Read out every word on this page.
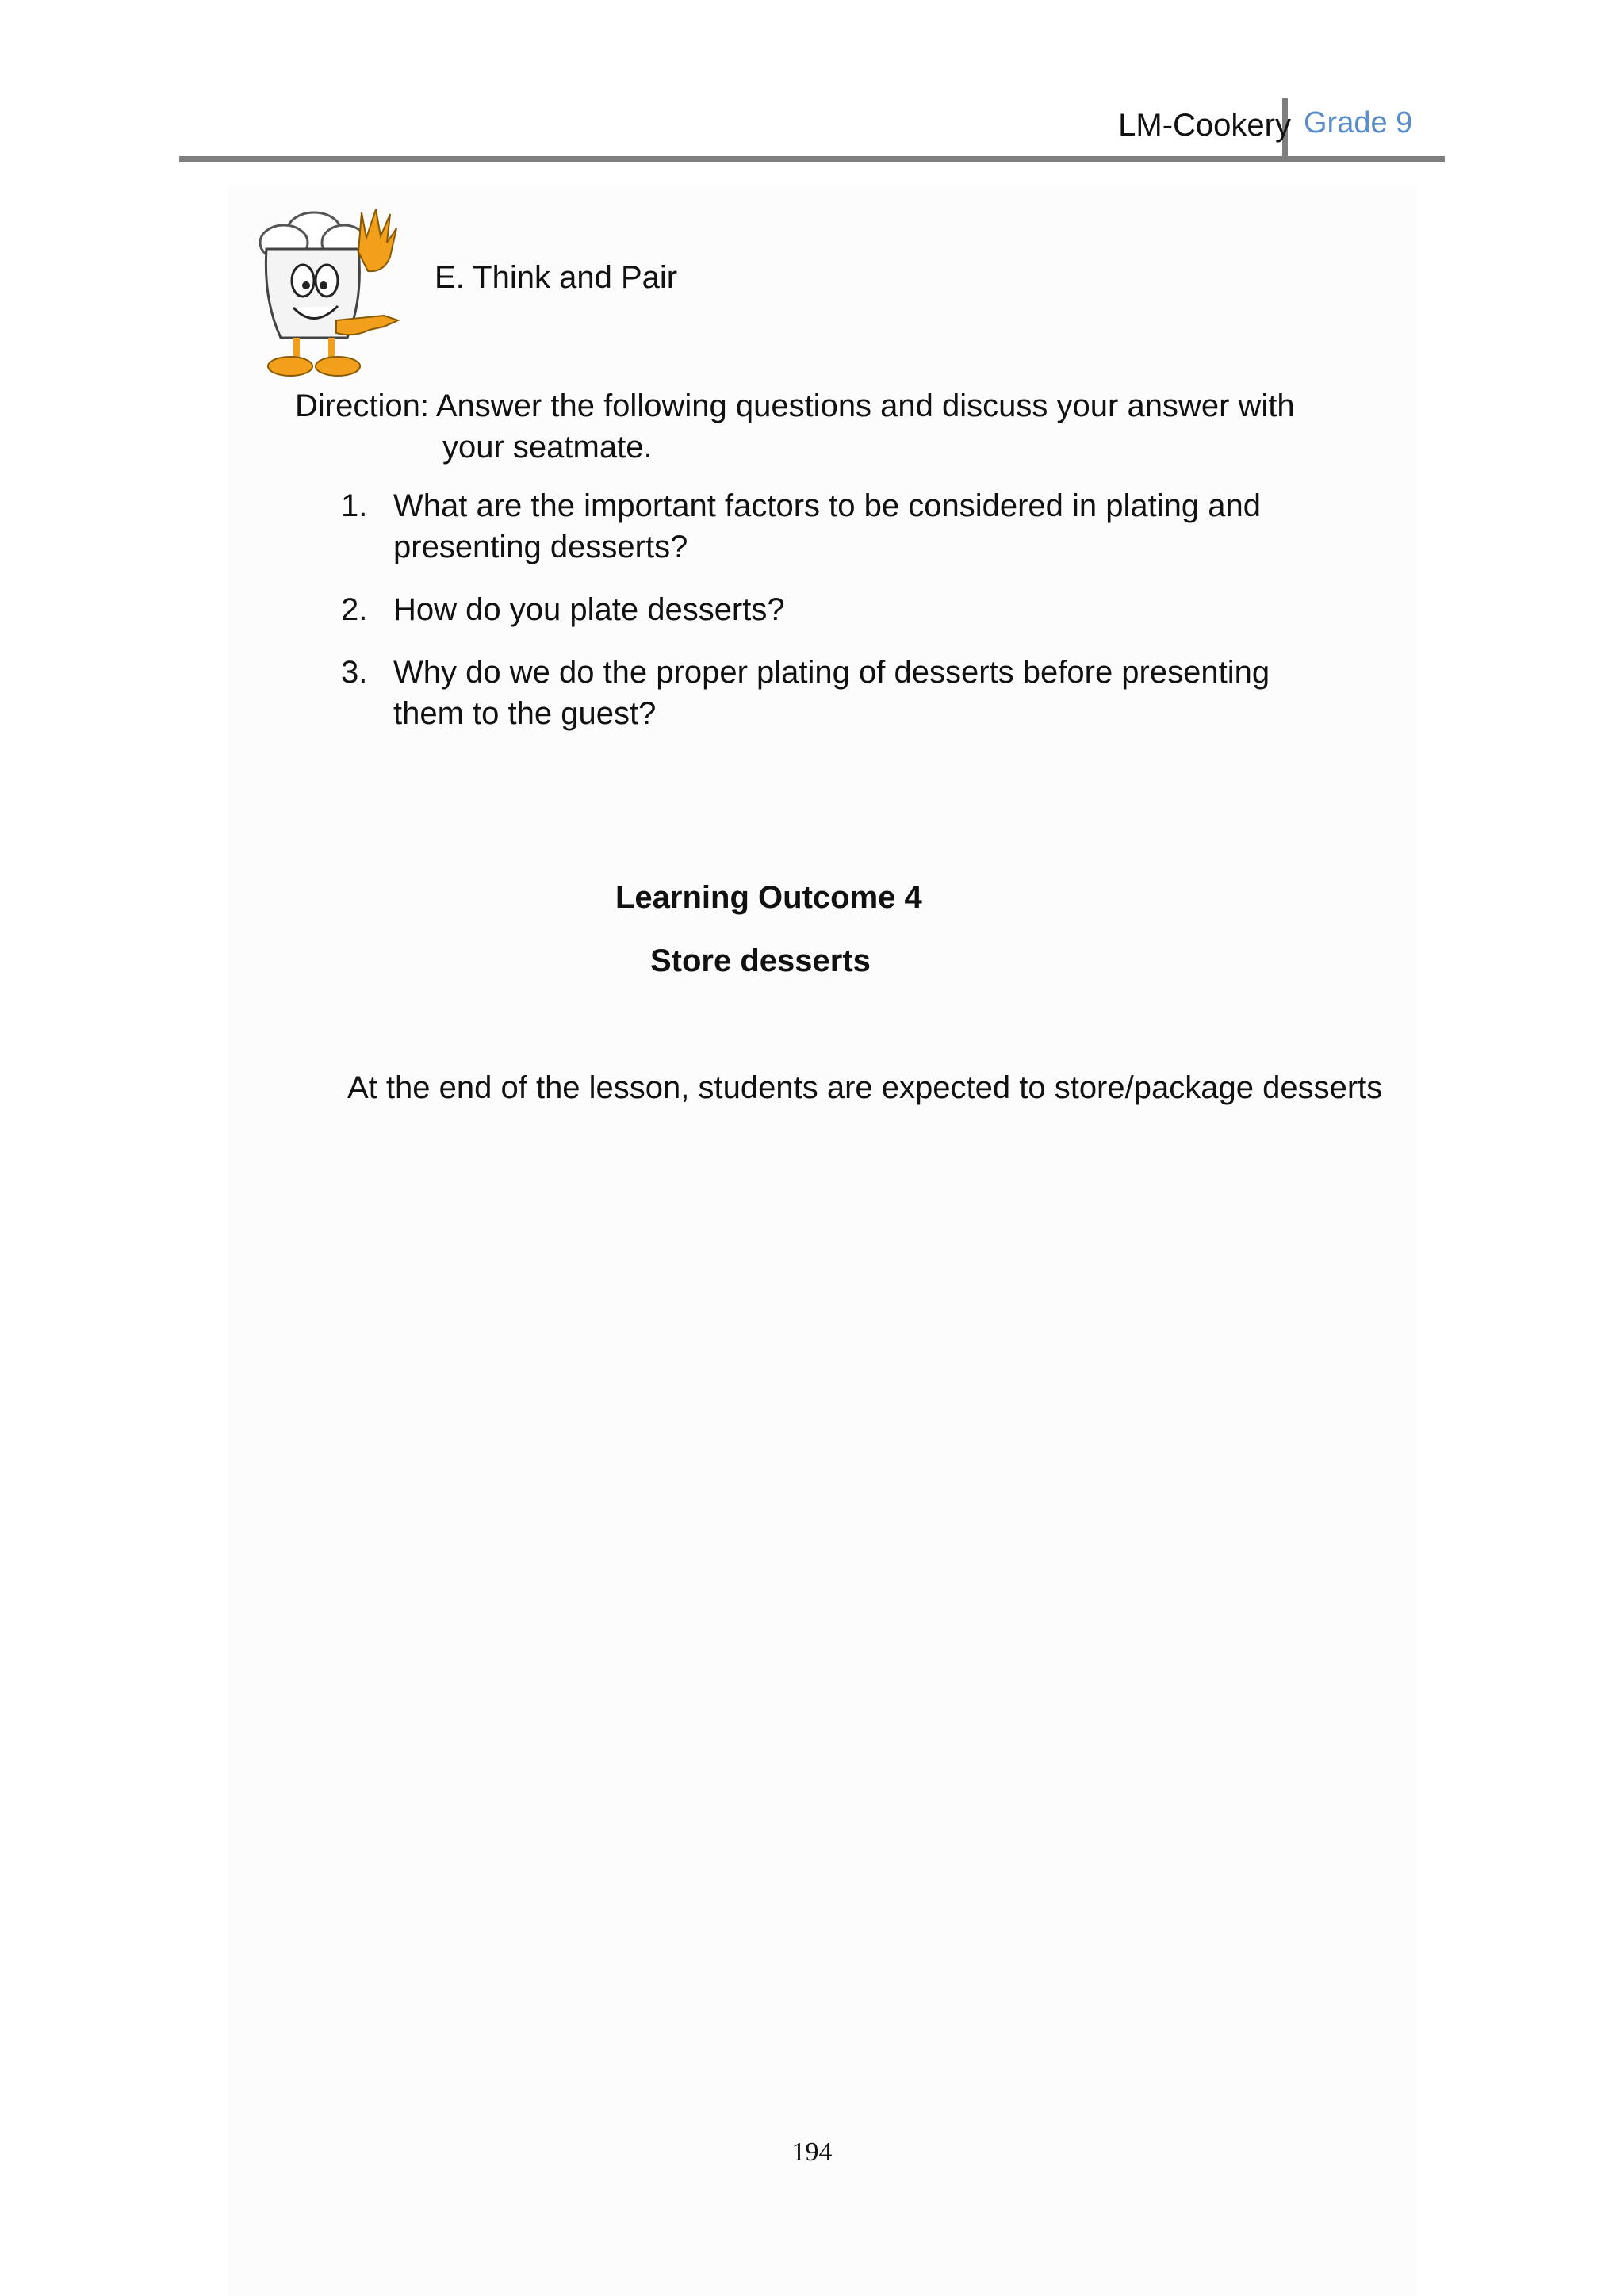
LM-Cookery Grade 9
E. Think and Pair
Direction: Answer the following questions and discuss your answer with
your seatmate.
1. What are the important factors to be considered in plating and
presenting desserts?
2. How do you plate desserts?
3. Why do we do the proper plating of desserts before presenting
them to the guest?
Learning Outcome 4
Store desserts
At the end of the lesson, students are expected to store/package desserts
194
